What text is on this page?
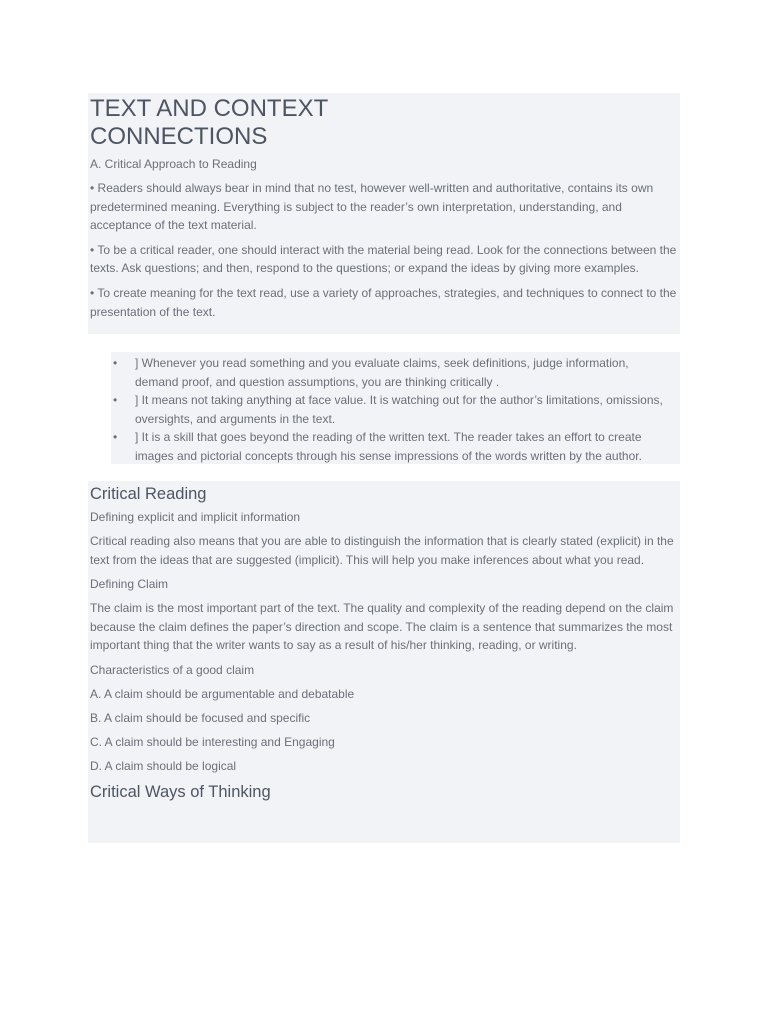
TEXT AND CONTEXT
CONNECTIONS
A. Critical Approach to Reading

• Readers should always bear in mind that no test, however well-written and authoritative, contains its own predetermined meaning. Everything is subject to the reader’s own interpretation, understanding, and acceptance of the text material.

• To be a critical reader, one should interact with the material being read. Look for the connections between the texts. Ask questions; and then, respond to the questions; or expand the ideas by giving more examples.

• To create meaning for the text read, use a variety of approaches, strategies, and techniques to connect to the presentation of the text.

• ] Whenever you read something and you evaluate claims, seek definitions, judge information, demand proof, and question assumptions, you are thinking critically .
• ] It means not taking anything at face value. It is watching out for the author’s limitations, omissions, oversights, and arguments in the text.
• ] It is a skill that goes beyond the reading of the written text. The reader takes an effort to create images and pictorial concepts through his sense impressions of the words written by the author.
Critical Reading
Defining explicit and implicit information

Critical reading also means that you are able to distinguish the information that is clearly stated (explicit) in the text from the ideas that are suggested (implicit). This will help you make inferences about what you read.

Defining Claim

The claim is the most important part of the text. The quality and complexity of the reading depend on the claim because the claim defines the paper’s direction and scope. The claim is a sentence that summarizes the most important thing that the writer wants to say as a result of his/her thinking, reading, or writing.

Characteristics of a good claim
A. A claim should be argumentable and debatable
B. A claim should be focused and specific
C. A claim should be interesting and Engaging
D. A claim should be logical
Critical Ways of Thinking
